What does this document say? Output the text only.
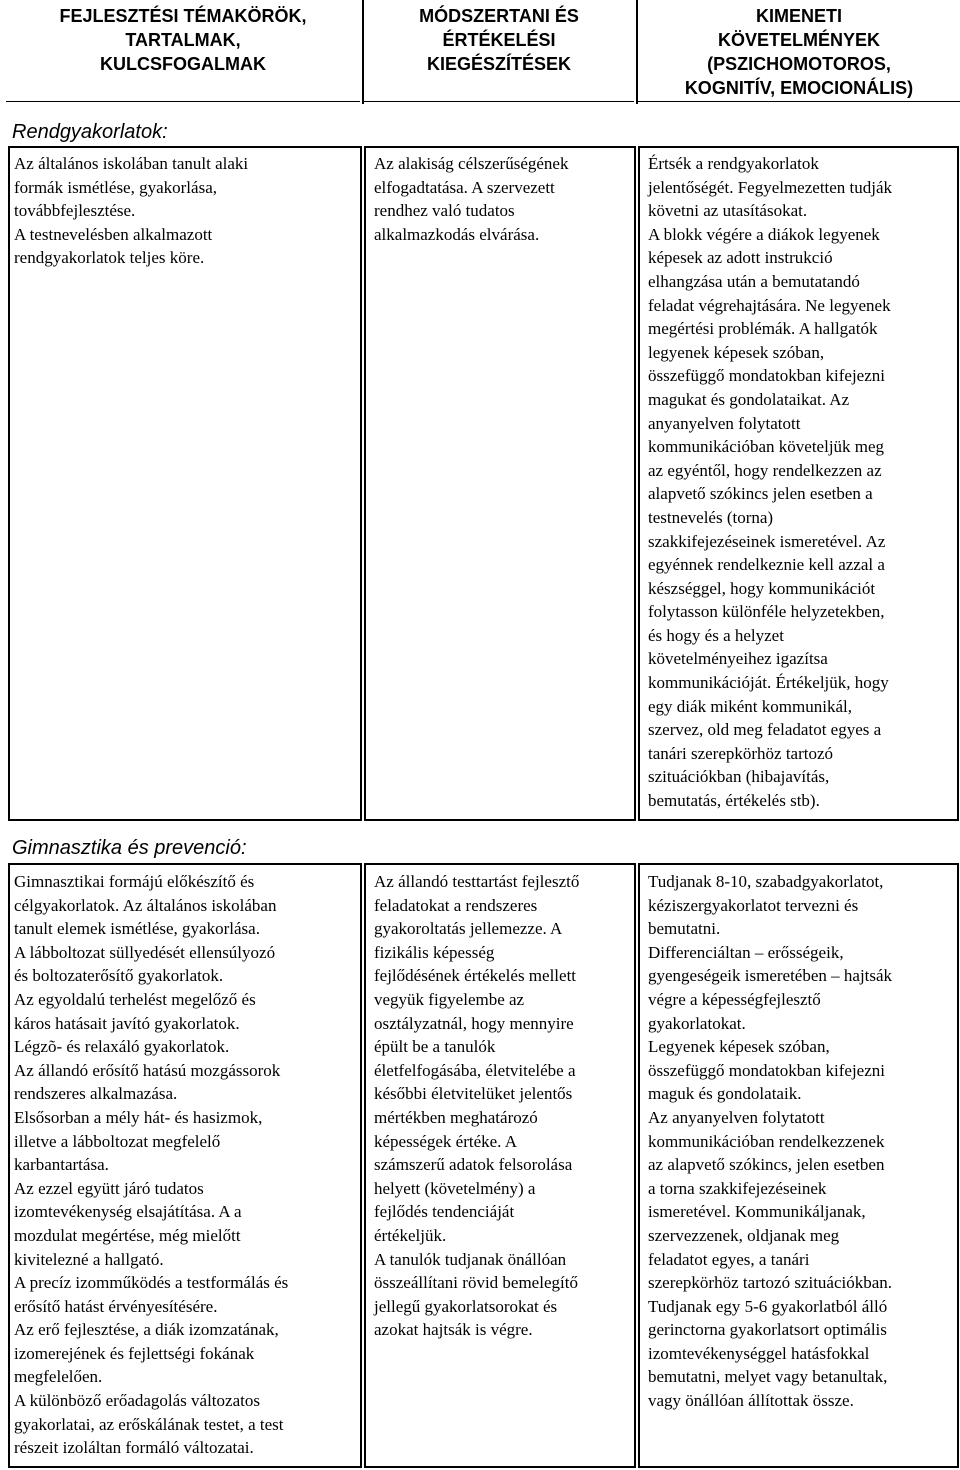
FEJLESZTÉSI TÉMAKÖRÖK,
TARTALMAK,
KULCSFOGALMAK
MÓDSZERTANI ÉS
ÉRTÉKELÉSI
KIEGÉSZÍTÉSEK
KIMENETI
KÖVETELMÉNYEK
(PSZICHOMOTOROS,
KOGNITÍV, EMOCIONÁLIS)
Rendgyakorlatok:
Az általános iskolában tanult alaki
formák ismétlése, gyakorlása,
továbbfejlesztése.
A testnevelésben alkalmazott
rendgyakorlatok teljes köre.
Az alakiság célszerűségének
elfogadtatása. A szervezett
rendhez való tudatos
alkalmazkodás elvárása.
Értsék a rendgyakorlatok
jelentőségét. Fegyelmezetten tudják
követni az utasításokat.
A blokk végére a diákok legyenek
képesek az adott instrukció
elhangzása után a bemutatandó
feladat végrehajtására. Ne legyenek
megértési problémák. A hallgatók
legyenek képesek szóban,
összefüggő mondatokban kifejezni
magukat és gondolataikat. Az
anyanyelven folytatott
kommunikációban követeljük meg
az egyéntől, hogy rendelkezzen az
alapvető szókincs jelen esetben a
testnevelés (torna)
szakkifejezéseinek ismeretével. Az
egyénnek rendelkeznie kell azzal a
készséggel, hogy kommunikációt
folytasson különféle helyzetekben,
és hogy és a helyzet
követelményeihez igazítsa
kommunikációját. Értékeljük, hogy
egy diák miként kommunikál,
szervez, old meg feladatot egyes a
tanári szerepkörhöz tartozó
szituációkban (hibajavítás,
bemutatás, értékelés stb).
Gimnasztika és prevenció:
Gimnasztikai formájú előkészítő és
célgyakorlatok. Az általános iskolában
tanult elemek ismétlése, gyakorlása.
A lábboltozat süllyedését ellensúlyozó
és boltozaterősítő gyakorlatok.
Az egyoldalú terhelést megelőző és
káros hatásait javító gyakorlatok.
Légzõ- és relaxáló gyakorlatok.
Az állandó erősítő hatású mozgássorok
rendszeres alkalmazása.
Elsősorban a mély hát- és hasizmok,
illetve a lábboltozat megfelelő
karbantartása.
Az ezzel együtt járó tudatos
izomtevékenység elsajátítása. A a
mozdulat megértése, még mielőtt
kivitelezné a hallgató.
A precíz izomműködés a testformálás és
erősítő hatást érvényesítésére.
Az erő fejlesztése, a diák izomzatának,
izomerejének és fejlettségi fokának
megfelelően.
A különböző erőadagolás változatos
gyakorlatai, az erőskálának testet, a test
részeit izoláltan formáló változatai.
Az állandó testtartást fejlesztő
feladatokat a rendszeres
gyakoroltatás jellemezze. A
fizikális képesség
fejlődésének értékelés mellett
vegyük figyelembe az
osztályzatnál, hogy mennyire
épült be a tanulók
életfelfogásába, életvitelébe a
későbbi életvitelüket jelentős
mértékben meghatározó
képességek értéke. A
számszerű adatok felsorolása
helyett (követelmény) a
fejlődés tendenciáját
értékeljük.
A tanulók tudjanak önállóan
összeállítani rövid bemelegítő
jellegű gyakorlatsorokat és
azokat hajtsák is végre.
Tudjanak 8-10, szabadgyakorlatot,
kéziszergyakorlatot tervezni és
bemutatni.
Differenciáltan – erősségeik,
gyengeségeik ismeretében – hajtsák
végre a képességfejlesztő
gyakorlatokat.
Legyenek képesek szóban,
összefüggő mondatokban kifejezni
maguk és gondolataik.
Az anyanyelven folytatott
kommunikációban rendelkezzenek
az alapvető szókincs, jelen esetben
a torna szakkifejezéseinek
ismeretével. Kommunikáljanak,
szervezzenek, oldjanak meg
feladatot egyes, a tanári
szerepkörhöz tartozó szituációkban.
Tudjanak egy 5-6 gyakorlatból álló
gerinctorna gyakorlatsort optimális
izomtevékenységgel hatásfokkal
bemutatni, melyet vagy betanultak,
vagy önállóan állítottak össze.
